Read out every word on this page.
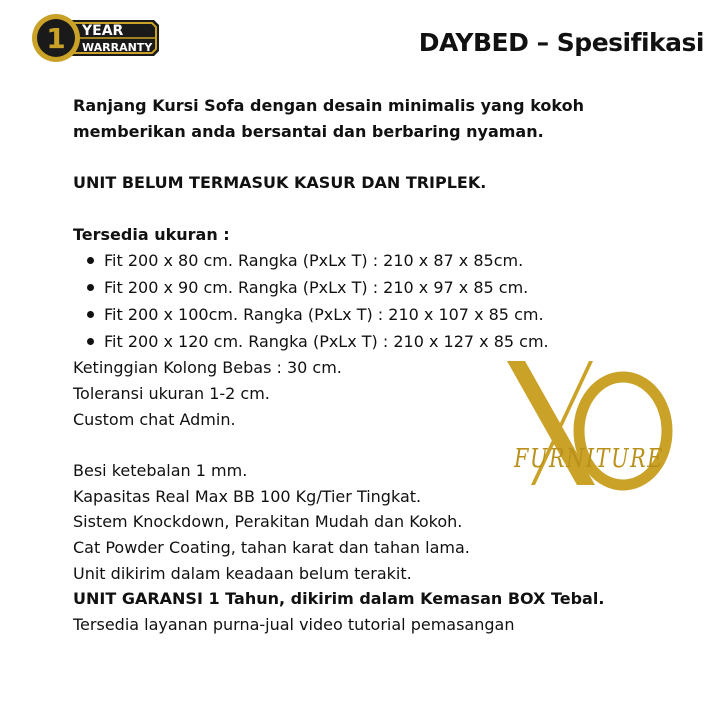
1 YEAR
WARRANTY	DAYBED – Spesifikasi

Ranjang Kursi Sofa dengan desain minimalis yang kokoh

memberikan anda bersantai dan berbaring nyaman.

UNIT BELUM TERMASUK KASUR DAN TRIPLEK.

Tersedia ukuran :

Fit 200 x 80 cm. Rangka (PxLx T) : 210 x 87 x 85cm.
Fit 200 x 90 cm. Rangka (PxLx T) : 210 x 97 x 85 cm.
Fit 200 x 100cm. Rangka (PxLx T) : 210 x 107 x 85 cm.
Fit 200 x 120 cm. Rangka (PxLx T) : 210 x 127 x 85 cm.

Ketinggian Kolong Bebas : 30 cm.

Toleransi ukuran 1-2 cm.

Custom chat Admin.

Besi ketebalan 1 mm.

Kapasitas Real Max BB 100 Kg/Tier Tingkat.

Sistem Knockdown, Perakitan Mudah dan Kokoh.

Cat Powder Coating, tahan karat dan tahan lama.

Unit dikirim dalam keadaan belum terakit.

UNIT GARANSI 1 Tahun, dikirim dalam Kemasan BOX Tebal.

Tersedia layanan purna-jual video tutorial pemasangan

FURNITURE
